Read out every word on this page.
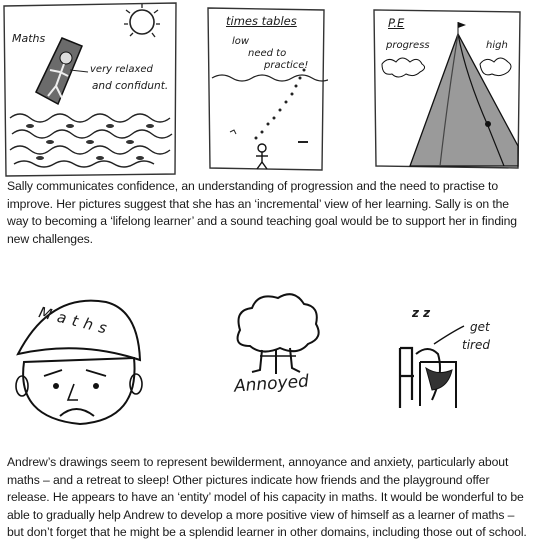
Maths
very relaxed
and confidunt.
times tables
low
need to
practice!
P.E
progress	high

Sally communicates confidence, an understanding of progression and the need to practise to improve. Her pictures suggest that she has an ‘incremental’ view of her learning. Sally is on the way to becoming a ‘lifelong learner’ and a sound teaching goal would be to support her in finding new challenges.

Maths
Annoyed
z z
get
tired

Andrew’s drawings seem to represent bewilderment, annoyance and anxiety, particularly about maths – and a retreat to sleep! Other pictures indicate how friends and the playground offer release. He appears to have an ‘entity’ model of his capacity in maths. It would be wonderful to be able to gradually help Andrew to develop a more positive view of himself as a learner of maths – but don’t forget that he might be a splendid learner in other domains, including those out of school.
